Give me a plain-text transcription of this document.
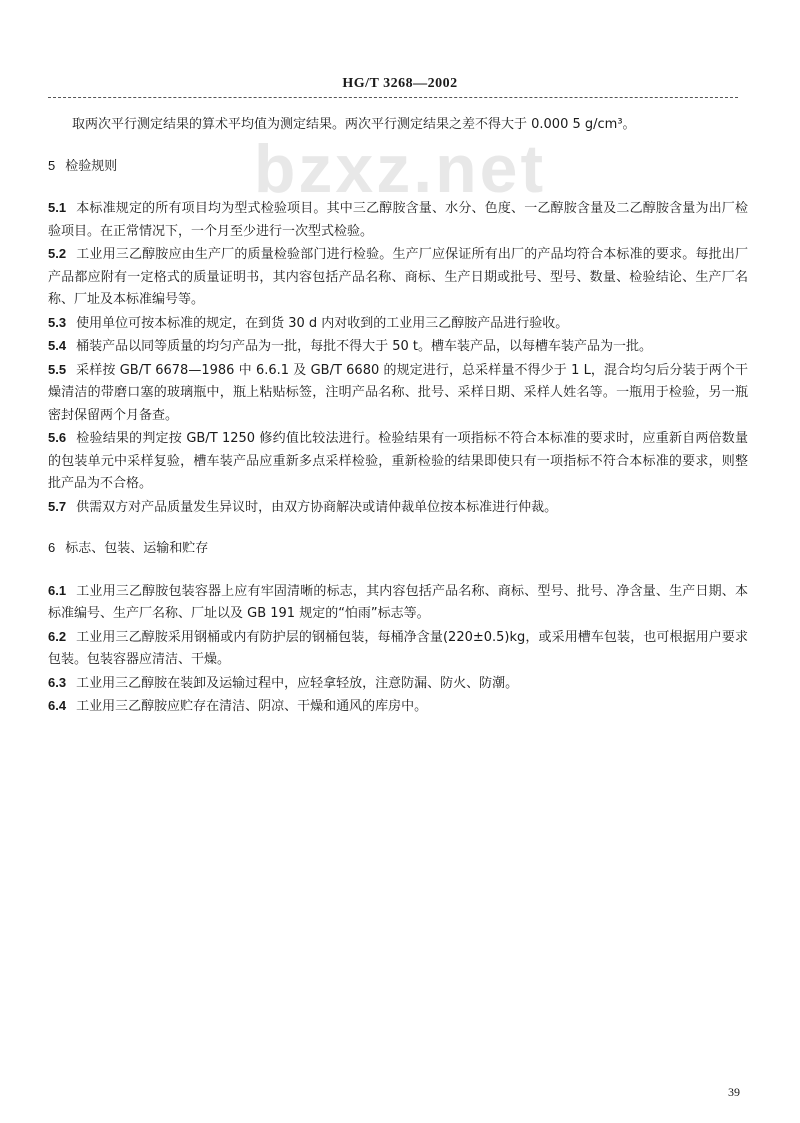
HG/T 3268—2002
bzxz.net

取两次平行测定结果的算术平均值为测定结果。两次平行测定结果之差不得大于 0.000 5 g/cm³。

5 检验规则

5.1 本标准规定的所有项目均为型式检验项目。其中三乙醇胺含量、水分、色度、一乙醇胺含量及二乙醇胺含量为出厂检验项目。在正常情况下，一个月至少进行一次型式检验。

5.2 工业用三乙醇胺应由生产厂的质量检验部门进行检验。生产厂应保证所有出厂的产品均符合本标准的要求。每批出厂产品都应附有一定格式的质量证明书，其内容包括产品名称、商标、生产日期或批号、型号、数量、检验结论、生产厂名称、厂址及本标准编号等。

5.3 使用单位可按本标准的规定，在到货 30 d 内对收到的工业用三乙醇胺产品进行验收。

5.4 桶装产品以同等质量的均匀产品为一批，每批不得大于 50 t。槽车装产品，以每槽车装产品为一批。

5.5 采样按 GB/T 6678—1986 中 6.6.1 及 GB/T 6680 的规定进行，总采样量不得少于 1 L，混合均匀后分装于两个干燥清洁的带磨口塞的玻璃瓶中，瓶上粘贴标签，注明产品名称、批号、采样日期、采样人姓名等。一瓶用于检验，另一瓶密封保留两个月备查。

5.6 检验结果的判定按 GB/T 1250 修约值比较法进行。检验结果有一项指标不符合本标准的要求时，应重新自两倍数量的包装单元中采样复验，槽车装产品应重新多点采样检验，重新检验的结果即使只有一项指标不符合本标准的要求，则整批产品为不合格。

5.7 供需双方对产品质量发生异议时，由双方协商解决或请仲裁单位按本标准进行仲裁。

6 标志、包装、运输和贮存

6.1 工业用三乙醇胺包装容器上应有牢固清晰的标志，其内容包括产品名称、商标、型号、批号、净含量、生产日期、本标准编号、生产厂名称、厂址以及 GB 191 规定的“怕雨”标志等。

6.2 工业用三乙醇胺采用钢桶或内有防护层的钢桶包装，每桶净含量(220±0.5)kg，或采用槽车包装，也可根据用户要求包装。包装容器应清洁、干燥。

6.3 工业用三乙醇胺在装卸及运输过程中，应轻拿轻放，注意防漏、防火、防潮。

6.4 工业用三乙醇胺应贮存在清洁、阴凉、干燥和通风的库房中。

39
